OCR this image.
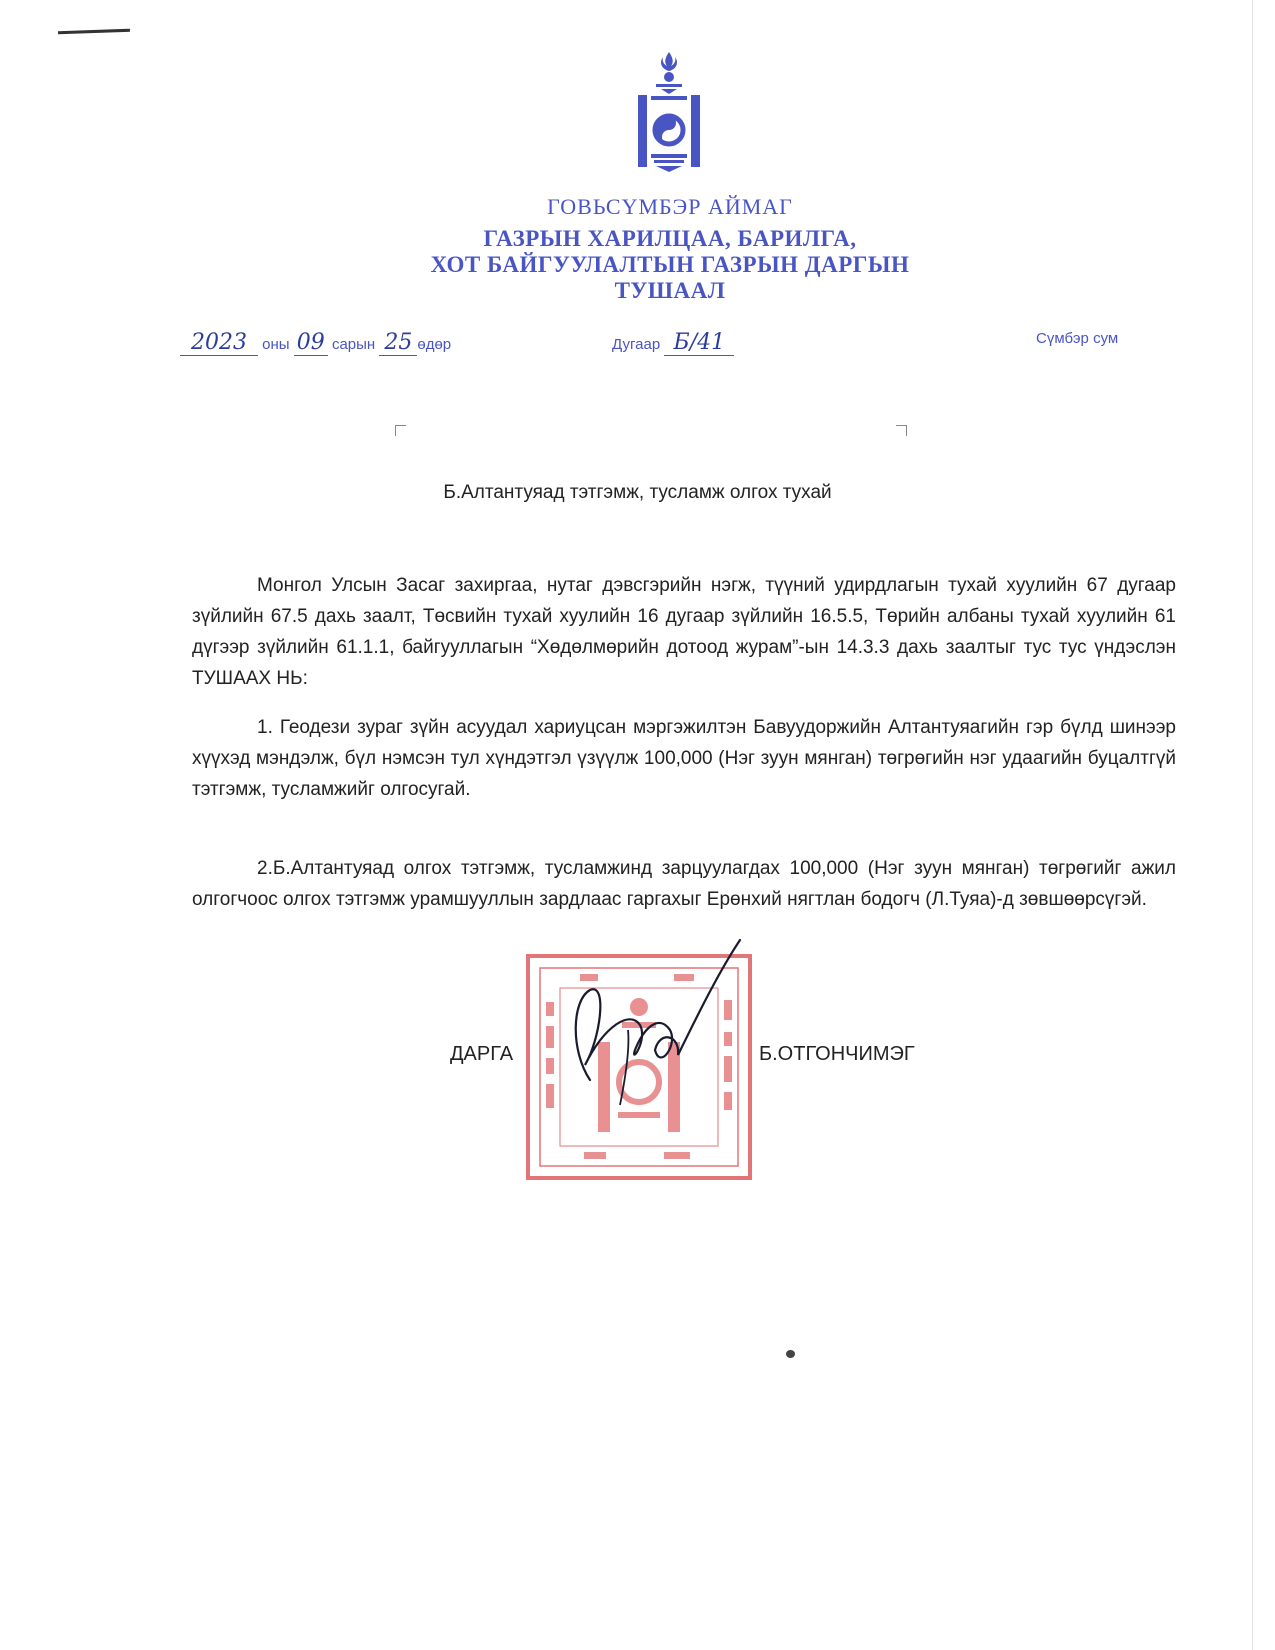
ГОВЬСҮМБЭР АЙМАГ
ГАЗРЫН ХАРИЛЦАА, БАРИЛГА,
ХОТ БАЙГУУЛАЛТЫН ГАЗРЫН ДАРГЫН
ТУШААЛ
2023 оны 09 сарын 25 өдөр	Дугаар Б/41	Сүмбэр сум
Б.Алтантуяад тэтгэмж, тусламж олгох тухай
Монгол Улсын Засаг захиргаа, нутаг дэвсгэрийн нэгж, түүний удирдлагын тухай хуулийн 67 дугаар зүйлийн 67.5 дахь заалт, Төсвийн тухай хуулийн 16 дугаар зүйлийн 16.5.5, Төрийн албаны тухай хуулийн 61 дүгээр зүйлийн 61.1.1, байгууллагын “Хөдөлмөрийн дотоод журам”-ын 14.3.3 дахь заалтыг тус тус үндэслэн ТУШААХ НЬ:
1. Геодези зураг зүйн асуудал хариуцсан мэргэжилтэн Бавуудоржийн Алтантуяагийн гэр бүлд шинээр хүүхэд мэндэлж, бүл нэмсэн тул хүндэтгэл үзүүлж 100,000 (Нэг зуун мянган) төгрөгийн нэг удаагийн буцалтгүй тэтгэмж, тусламжийг олгосугай.
2.Б.Алтантуяад олгох тэтгэмж, тусламжинд зарцуулагдах 100,000 (Нэг зуун мянган) төгрөгийг ажил олгогчоос олгох тэтгэмж урамшууллын зардлаас гаргахыг Ерөнхий нягтлан бодогч (Л.Туяа)-д зөвшөөрсүгэй.
ДАРГА	Б.ОТГОНЧИМЭГ
